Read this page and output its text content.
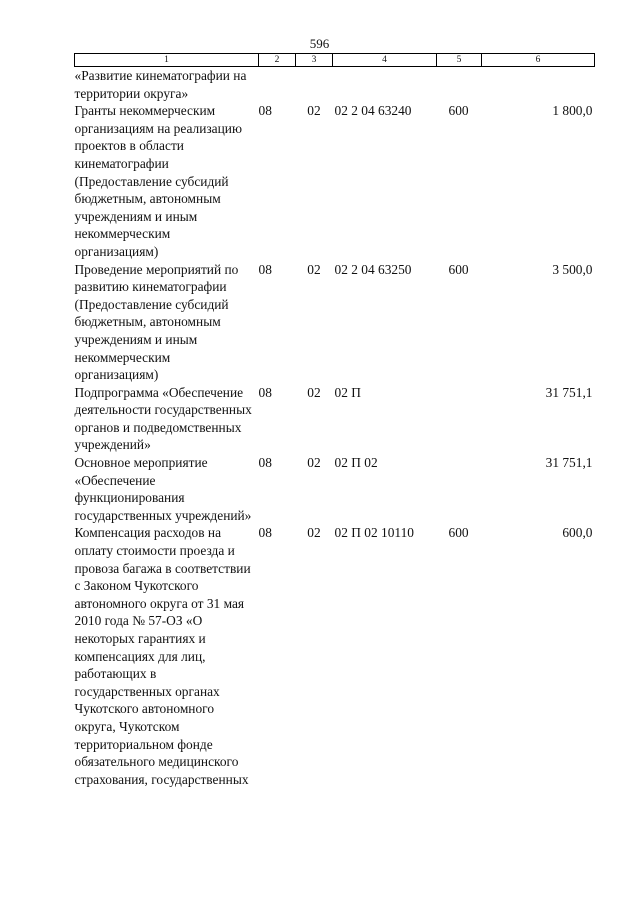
596
1	2	3	4	5	6
«Развитие кинематографии на территории округа»					
Гранты некоммерческим организациям на реализацию проектов в области кинематографии (Предоставление субсидий бюджетным, автономным учреждениям и иным некоммерческим организациям)	08	02	02 2 04 63240	600	1 800,0
Проведение мероприятий по развитию кинематографии (Предоставление субсидий бюджетным, автономным учреждениям и иным некоммерческим организациям)	08	02	02 2 04 63250	600	3 500,0
Подпрограмма «Обеспечение деятельности государственных органов и подведомственных учреждений»	08	02	02 П		31 751,1
Основное мероприятие «Обеспечение функционирования государственных учреждений»	08	02	02 П 02		31 751,1
Компенсация расходов на оплату стоимости проезда и провоза багажа в соответствии с Законом Чукотского автономного округа от 31 мая 2010 года № 57-ОЗ «О некоторых гарантиях и компенсациях для лиц, работающих в государственных органах Чукотского автономного округа, Чукотском территориальном фонде обязательного медицинского страхования, государственных	08	02	02 П 02 10110	600	600,0
